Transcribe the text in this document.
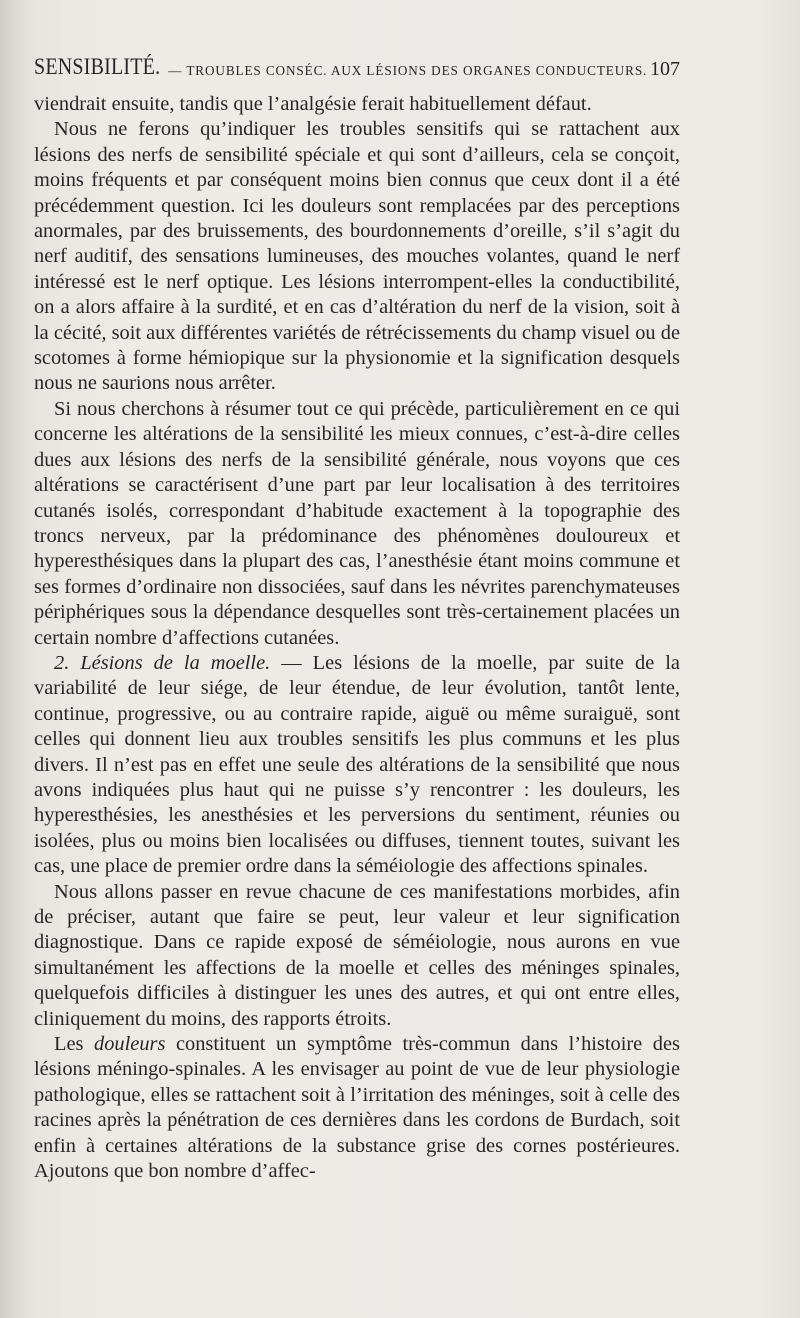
SENSIBILITÉ. — TROUBLES CONSÉC. AUX LÉSIONS DES ORGANES CONDUCTEURS. 107

viendrait ensuite, tandis que l’analgésie ferait habituellement défaut.

Nous ne ferons qu’indiquer les troubles sensitifs qui se rattachent aux lésions des nerfs de sensibilité spéciale et qui sont d’ailleurs, cela se conçoit, moins fréquents et par conséquent moins bien connus que ceux dont il a été précédemment question. Ici les douleurs sont remplacées par des perceptions anormales, par des bruissements, des bourdonnements d’oreille, s’il s’agit du nerf auditif, des sensations lumineuses, des mouches volantes, quand le nerf intéressé est le nerf optique. Les lésions interrompent-elles la conductibilité, on a alors affaire à la surdité, et en cas d’altération du nerf de la vision, soit à la cécité, soit aux différentes variétés de rétrécissements du champ visuel ou de scotomes à forme hémiopique sur la physionomie et la signification desquels nous ne saurions nous arrêter.

Si nous cherchons à résumer tout ce qui précède, particulièrement en ce qui concerne les altérations de la sensibilité les mieux connues, c’est-à-dire celles dues aux lésions des nerfs de la sensibilité générale, nous voyons que ces altérations se caractérisent d’une part par leur localisation à des territoires cutanés isolés, correspondant d’habitude exactement à la topographie des troncs nerveux, par la prédominance des phénomènes douloureux et hyperesthésiques dans la plupart des cas, l’anesthésie étant moins commune et ses formes d’ordinaire non dissociées, sauf dans les névrites parenchymateuses périphériques sous la dépendance desquelles sont très-certainement placées un certain nombre d’affections cutanées.

2. Lésions de la moelle. — Les lésions de la moelle, par suite de la variabilité de leur siége, de leur étendue, de leur évolution, tantôt lente, continue, progressive, ou au contraire rapide, aiguë ou même suraiguë, sont celles qui donnent lieu aux troubles sensitifs les plus communs et les plus divers. Il n’est pas en effet une seule des altérations de la sensibilité que nous avons indiquées plus haut qui ne puisse s’y rencontrer : les douleurs, les hyperesthésies, les anesthésies et les perversions du sentiment, réunies ou isolées, plus ou moins bien localisées ou diffuses, tiennent toutes, suivant les cas, une place de premier ordre dans la séméiologie des affections spinales.

Nous allons passer en revue chacune de ces manifestations morbides, afin de préciser, autant que faire se peut, leur valeur et leur signification diagnostique. Dans ce rapide exposé de séméiologie, nous aurons en vue simultanément les affections de la moelle et celles des méninges spinales, quelquefois difficiles à distinguer les unes des autres, et qui ont entre elles, cliniquement du moins, des rapports étroits.

Les douleurs constituent un symptôme très-commun dans l’histoire des lésions méningo-spinales. A les envisager au point de vue de leur physiologie pathologique, elles se rattachent soit à l’irritation des méninges, soit à celle des racines après la pénétration de ces dernières dans les cordons de Burdach, soit enfin à certaines altérations de la substance grise des cornes postérieures. Ajoutons que bon nombre d’affec-
